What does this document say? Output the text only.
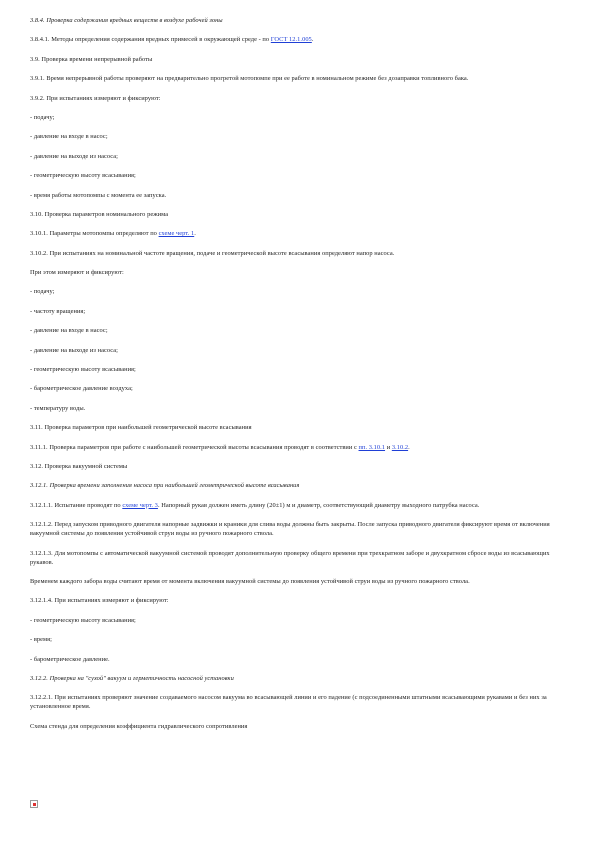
3.8.4. Проверка содержания вредных веществ в воздухе рабочей зоны

3.8.4.1. Методы определения содержания вредных примесей в окружающей среде - по ГОСТ 12.1.005.

3.9. Проверка времени непрерывной работы

3.9.1. Время непрерывной работы проверяют на предварительно прогретой мотопомпе при ее работе в номинальном режиме без дозаправки топливного бака.

3.9.2. При испытаниях измеряют и фиксируют:

- подачу;

- давление на входе в насос;

- давление на выходе из насоса;

- геометрическую высоту всасывания;

- время работы мотопомпы с момента ее запуска.

3.10. Проверка параметров номинального режима

3.10.1. Параметры мотопомпы определяют по схеме черт. 1.

3.10.2. При испытаниях на номинальной частоте вращения, подаче и геометрической высоте всасывания определяют напор насоса.

При этом измеряют и фиксируют:

- подачу;

- частоту вращения;

- давление на входе в насос;

- давление на выходе из насоса;

- геометрическую высоту всасывания;

- барометрическое давление воздуха;

- температуру воды.

3.11. Проверка параметров при наибольшей геометрической высоте всасывания

3.11.1. Проверка параметров при работе с наибольшей геометрической высоты всасывания проводят в соответствии с пп. 3.10.1 и 3.10.2.

3.12. Проверка вакуумной системы

3.12.1. Проверка времени заполнения насоса при наибольшей геометрической высоте всасывания

3.12.1.1. Испытание проводят по схеме черт. 3. Напорный рукав должен иметь длину (20±1) м и диаметр, соответствующий диаметру выходного патрубка насоса.

3.12.1.2. Перед запуском приводного двигателя напорные задвижки и краники для слива воды должны быть закрыты. После запуска приводного двигателя фиксируют время от включения вакуумной системы до появления устойчивой струи воды из ручного пожарного ствола.

3.12.1.3. Для мотопомпы с автоматической вакуумной системой проводят дополнительную проверку общего времени при трехкратном заборе и двухкратном сбросе воды из всасывающих рукавов.

Временем каждого забора воды считают время от момента включения вакуумной системы до появления устойчивой струи воды из ручного пожарного ствола.

3.12.1.4. При испытаниях измеряют и фиксируют:

- геометрическую высоту всасывания;

- время;

- барометрическое давление.

3.12.2. Проверка на "сухой" вакуум и герметичность насосной установки

3.12.2.1. При испытаниях проверяют значение создаваемого насосом вакуума во всасывающей линии и его падение (с подсоединенными штатными всасывающими рукавами и без них за установленное время.

Схема стенда для определения коэффициента гидравлического сопротивления
